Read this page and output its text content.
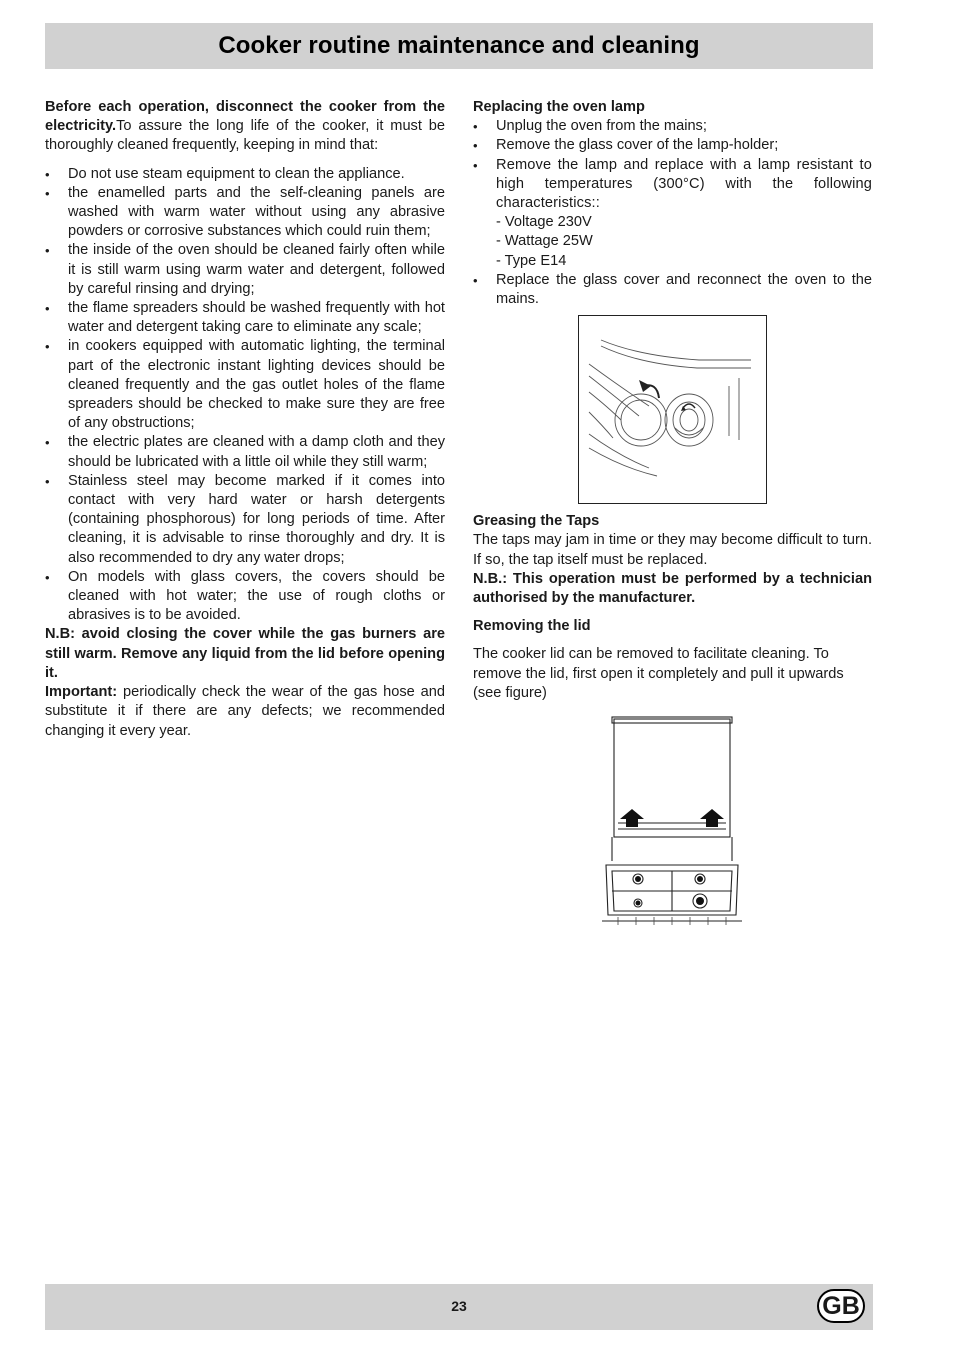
Cooker routine maintenance and cleaning

Before each operation, disconnect the cooker from the electricity.To assure the long life of the cooker, it must be thoroughly cleaned frequently, keeping in mind that:

• Do not use steam equipment to clean the appliance.
• the enamelled parts and the self-cleaning panels are washed with warm water without using any abrasive powders or corrosive substances which could ruin them;
• the inside of the oven should be cleaned fairly often while it is still warm using warm water and detergent, followed by careful rinsing and drying;
• the flame spreaders should be washed frequently with hot water and detergent taking care to eliminate any scale;
• in cookers equipped with automatic lighting, the terminal part of the electronic instant lighting devices should be cleaned frequently and the gas outlet holes of the flame spreaders should be checked to make sure they are free of any obstructions;
• the electric plates are cleaned with a damp cloth and they should be lubricated with a little oil while they still warm;
• Stainless steel may become marked if it comes into contact with very hard water or harsh detergents (containing phosphorous) for long periods of time. After cleaning, it is advisable to rinse thoroughly and dry. It is also recommended to dry any water drops;
• On models with glass covers, the covers should be cleaned with hot water; the use of rough cloths or abrasives is to be avoided.

N.B: avoid closing the cover while the gas burners are still warm. Remove any liquid from the lid before opening it.

Important: periodically check the wear of the gas hose and substitute it if there are any defects; we recommended changing it every year.

Replacing the oven lamp

• Unplug the oven from the mains;
• Remove the glass cover of the lamp-holder;
• Remove the lamp and replace with a lamp resistant to high temperatures (300°C) with the following characteristics::
- Voltage 230V
- Wattage 25W
- Type E14
• Replace the glass cover and reconnect the oven to the mains.

Greasing the Taps

The taps may jam in time or they may become difficult to turn. If so, the tap itself must be replaced.

N.B.: This operation must be performed by a technician authorised by the manufacturer.

Removing the lid

The cooker lid can be removed to facilitate cleaning. To remove the lid, first open it completely and pull it upwards (see figure)

23	GB
